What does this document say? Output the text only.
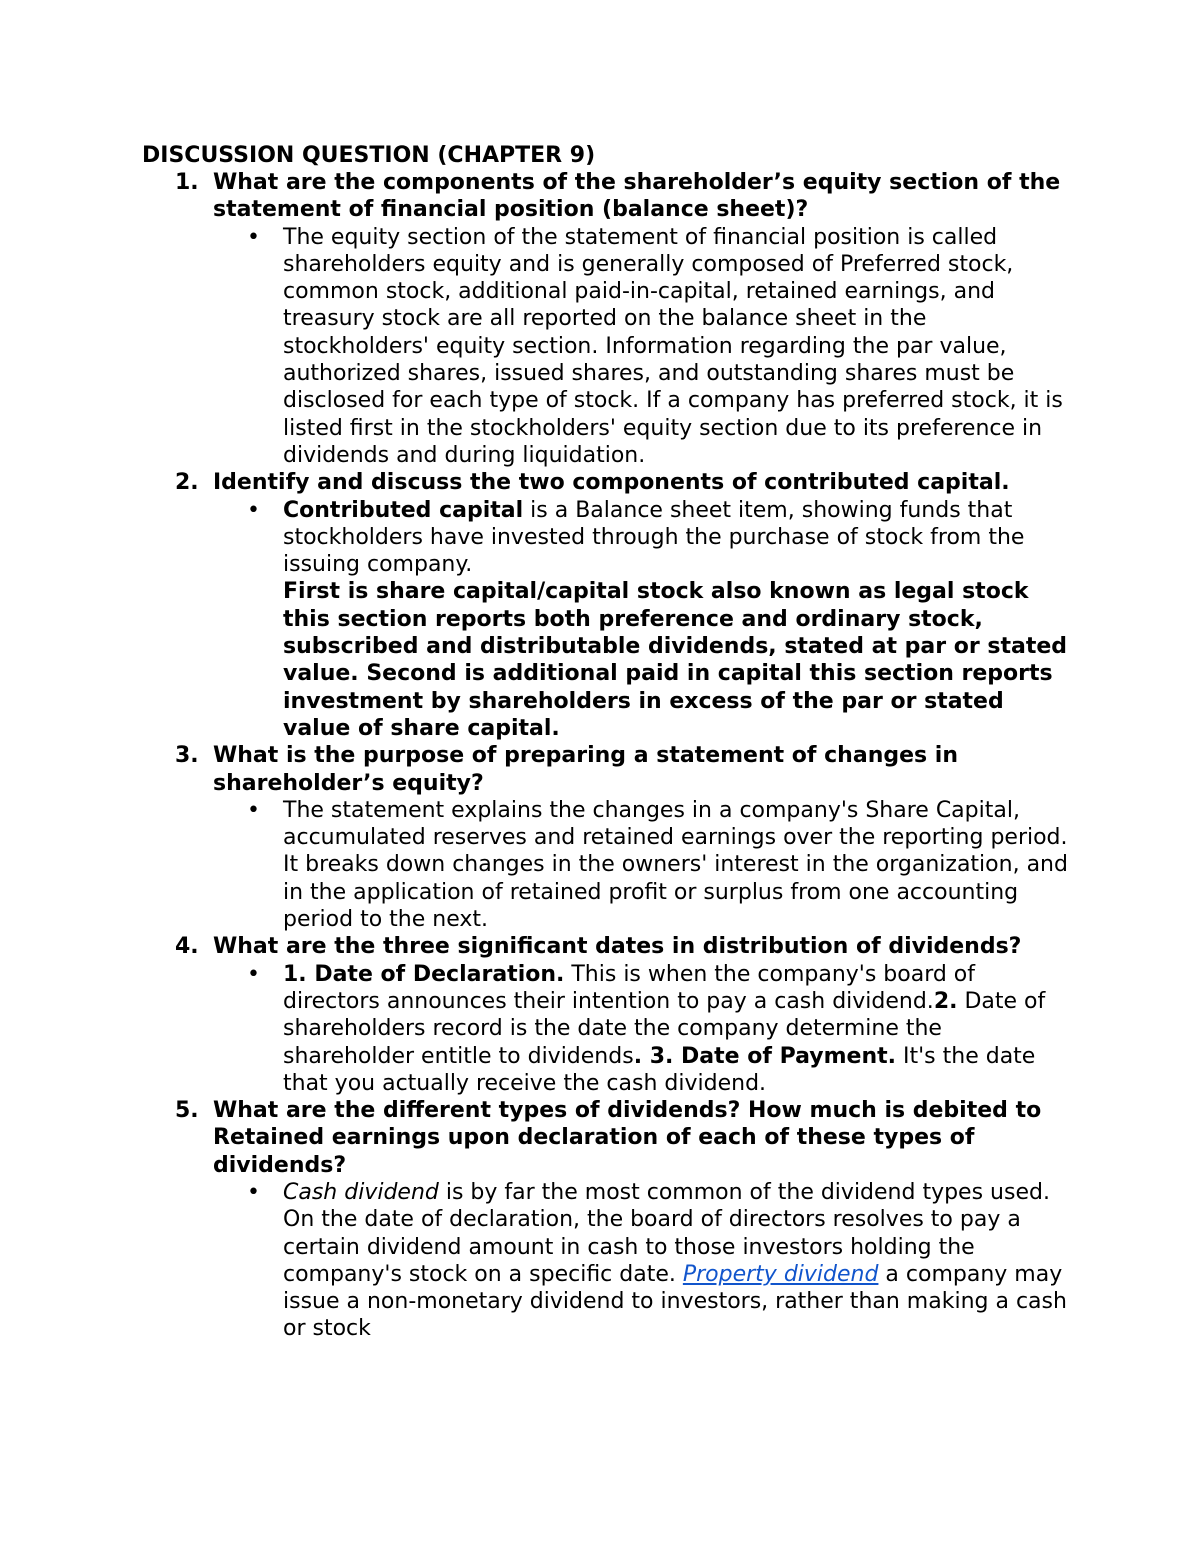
DISCUSSION QUESTION (CHAPTER 9)
1. What are the components of the shareholder’s equity section of the statement of financial position (balance sheet)?
• The equity section of the statement of financial position is called shareholders equity and is generally composed of Preferred stock, common stock, additional paid-in-capital, retained earnings, and treasury stock are all reported on the balance sheet in the stockholders' equity section. Information regarding the par value, authorized shares, issued shares, and outstanding shares must be disclosed for each type of stock. If a company has preferred stock, it is listed first in the stockholders' equity section due to its preference in dividends and during liquidation.
2. Identify and discuss the two components of contributed capital.
• Contributed capital is a Balance sheet item, showing funds that stockholders have invested through the purchase of stock from the issuing company.
First is share capital/capital stock also known as legal stock this section reports both preference and ordinary stock, subscribed and distributable dividends, stated at par or stated value. Second is additional paid in capital this section reports investment by shareholders in excess of the par or stated value of share capital.
3. What is the purpose of preparing a statement of changes in shareholder’s equity?
• The statement explains the changes in a company's Share Capital, accumulated reserves and retained earnings over the reporting period. It breaks down changes in the owners' interest in the organization, and in the application of retained profit or surplus from one accounting period to the next.
4. What are the three significant dates in distribution of dividends?
• 1. Date of Declaration. This is when the company's board of directors announces their intention to pay a cash dividend.2. Date of shareholders record is the date the company determine the shareholder entitle to dividends. 3. Date of Payment. It's the date that you actually receive the cash dividend.
5. What are the different types of dividends? How much is debited to Retained earnings upon declaration of each of these types of dividends?
• Cash dividend is by far the most common of the dividend types used. On the date of declaration, the board of directors resolves to pay a certain dividend amount in cash to those investors holding the company's stock on a specific date. Property dividend a company may issue a non-monetary dividend to investors, rather than making a cash or stock
